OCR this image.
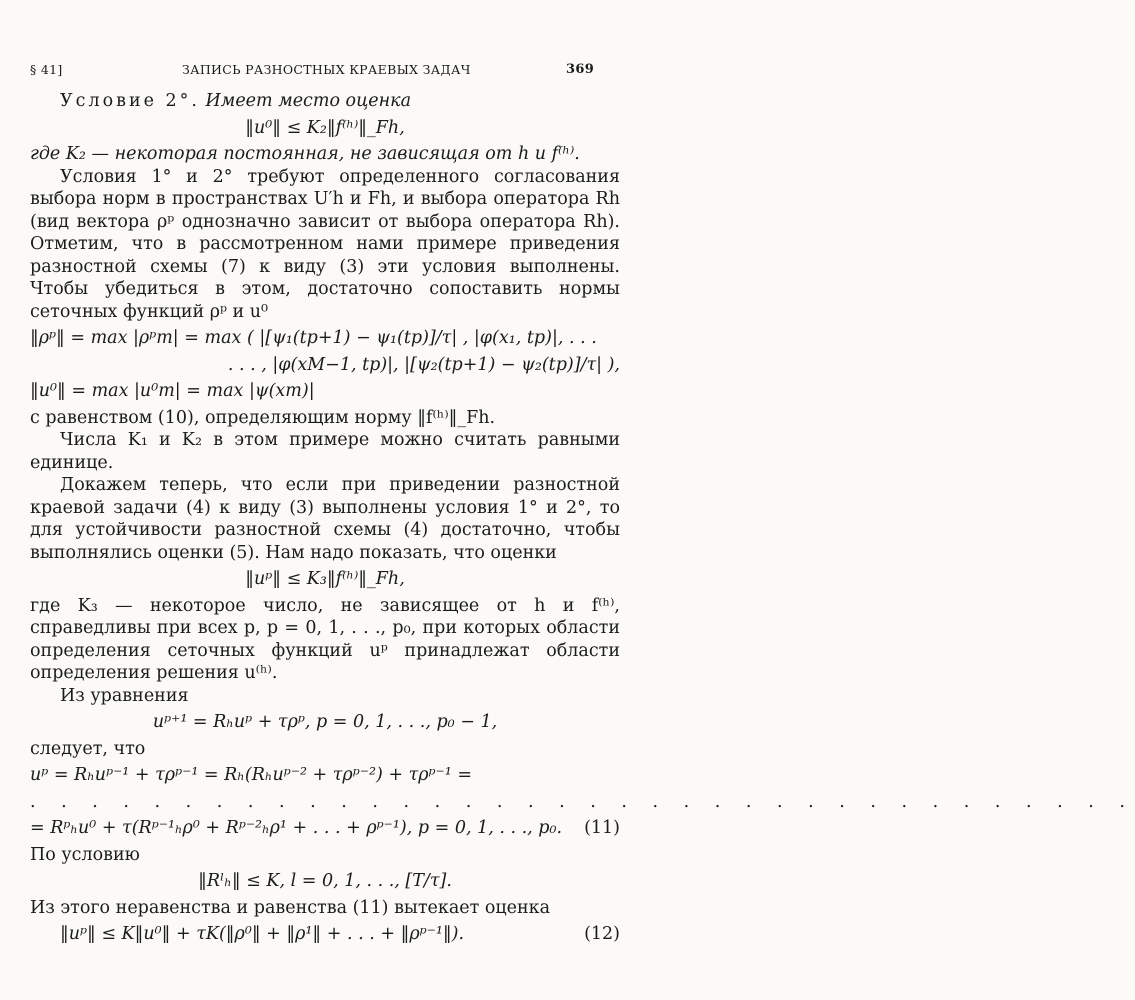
§ 41]	ЗАПИСЬ РАЗНОСТНЫХ КРАЕВЫХ ЗАДАЧ	369

Условие 2°. Имеет место оценка

‖u⁰‖ ≤ K₂‖f⁽ʰ⁾‖_Fh,

где K₂ — некоторая постоянная, не зависящая от h и f⁽ʰ⁾.

Условия 1° и 2° требуют определенного согласования выбора норм в пространствах U′h и Fh, и выбора оператора Rh (вид вектора ρᵖ однозначно зависит от выбора оператора Rh). Отметим, что в рассмотренном нами примере приведения разностной схемы (7) к виду (3) эти условия выполнены. Чтобы убедиться в этом, достаточно сопоставить нормы сеточных функций ρᵖ и u⁰

‖ρᵖ‖ = max |ρᵖm| = max ( |[ψ₁(tp+1) − ψ₁(tp)]/τ| , |φ(x₁, tp)|, . . .
. . . , |φ(xM−1, tp)|, |[ψ₂(tp+1) − ψ₂(tp)]/τ| ),
‖u⁰‖ = max |u⁰m| = max |ψ(xm)|

с равенством (10), определяющим норму ‖f⁽ʰ⁾‖_Fh.

Числа K₁ и K₂ в этом примере можно считать равными единице.

Докажем теперь, что если при приведении разностной краевой задачи (4) к виду (3) выполнены условия 1° и 2°, то для устойчивости разностной схемы (4) достаточно, чтобы выполнялись оценки (5). Нам надо показать, что оценки

‖uᵖ‖ ≤ K₃‖f⁽ʰ⁾‖_Fh,

где K₃ — некоторое число, не зависящее от h и f⁽ʰ⁾, справедливы при всех p, p = 0, 1, . . ., p₀, при которых области определения сеточных функций uᵖ принадлежат области определения решения u⁽ʰ⁾.

Из уравнения

uᵖ⁺¹ = Rₕuᵖ + τρᵖ, p = 0, 1, . . ., p₀ − 1,

следует, что

uᵖ = Rₕuᵖ⁻¹ + τρᵖ⁻¹ = Rₕ(Rₕuᵖ⁻² + τρᵖ⁻²) + τρᵖ⁻¹ =
. . . . . . . . . . . . . . . . . . . . . . . . . . . . . . . . . . . .
= Rᵖₕu⁰ + τ(Rᵖ⁻¹ₕρ⁰ + Rᵖ⁻²ₕρ¹ + . . . + ρᵖ⁻¹), p = 0, 1, . . ., p₀. (11)

По условию

‖Rˡₕ‖ ≤ K, l = 0, 1, . . ., [T/τ].

Из этого неравенства и равенства (11) вытекает оценка

‖uᵖ‖ ≤ K‖u⁰‖ + τK(‖ρ⁰‖ + ‖ρ¹‖ + . . . + ‖ρᵖ⁻¹‖).	(12)
